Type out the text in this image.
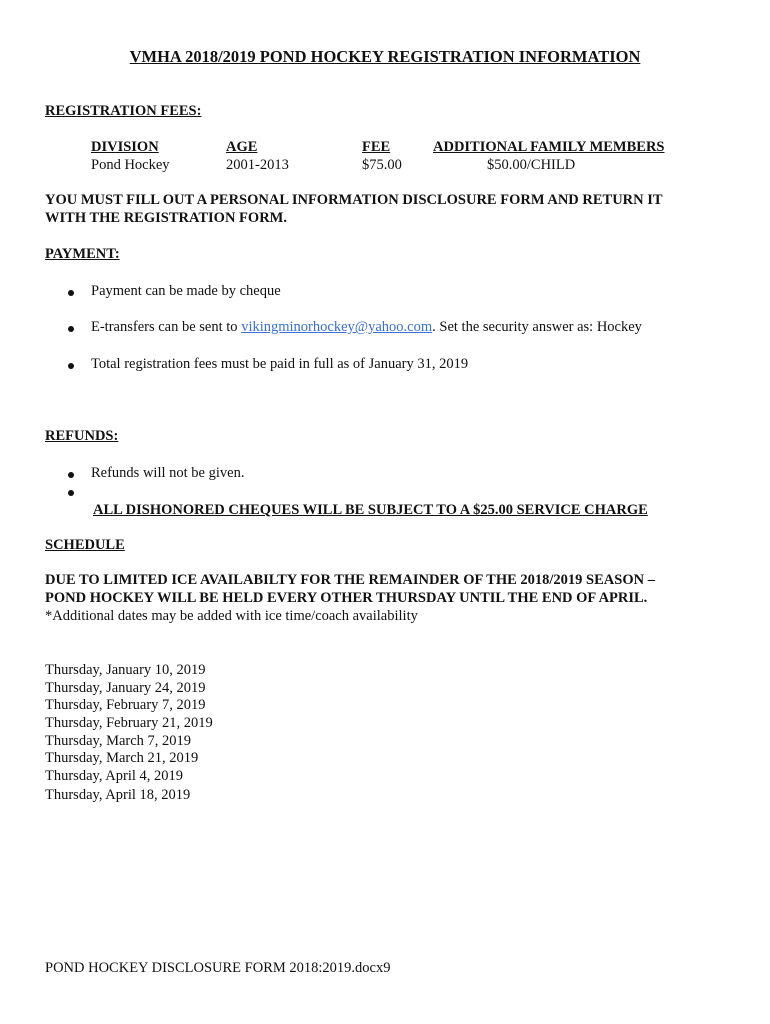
VMHA 2018/2019 POND HOCKEY REGISTRATION INFORMATION
REGISTRATION FEES:
DIVISION	AGE	FEE	ADDITIONAL FAMILY MEMBERS
Pond Hockey	2001-2013	$75.00	$50.00/CHILD
YOU MUST FILL OUT A PERSONAL INFORMATION DISCLOSURE FORM AND RETURN IT
WITH THE REGISTRATION FORM.
PAYMENT:
Payment can be made by cheque
E-transfers can be sent to vikingminorhockey@yahoo.com. Set the security answer as: Hockey
Total registration fees must be paid in full as of January 31, 2019
REFUNDS:
Refunds will not be given.
ALL DISHONORED CHEQUES WILL BE SUBJECT TO A $25.00 SERVICE CHARGE
SCHEDULE
DUE TO LIMITED ICE AVAILABILTY FOR THE REMAINDER OF THE 2018/2019 SEASON –
POND HOCKEY WILL BE HELD EVERY OTHER THURSDAY UNTIL THE END OF APRIL.
*Additional dates may be added with ice time/coach availability
Thursday, January 10, 2019
Thursday, January 24, 2019
Thursday, February 7, 2019
Thursday, February 21, 2019
Thursday, March 7, 2019
Thursday, March 21, 2019
Thursday, April 4, 2019
Thursday, April 18, 2019
POND HOCKEY DISCLOSURE FORM 2018:2019.docx9
